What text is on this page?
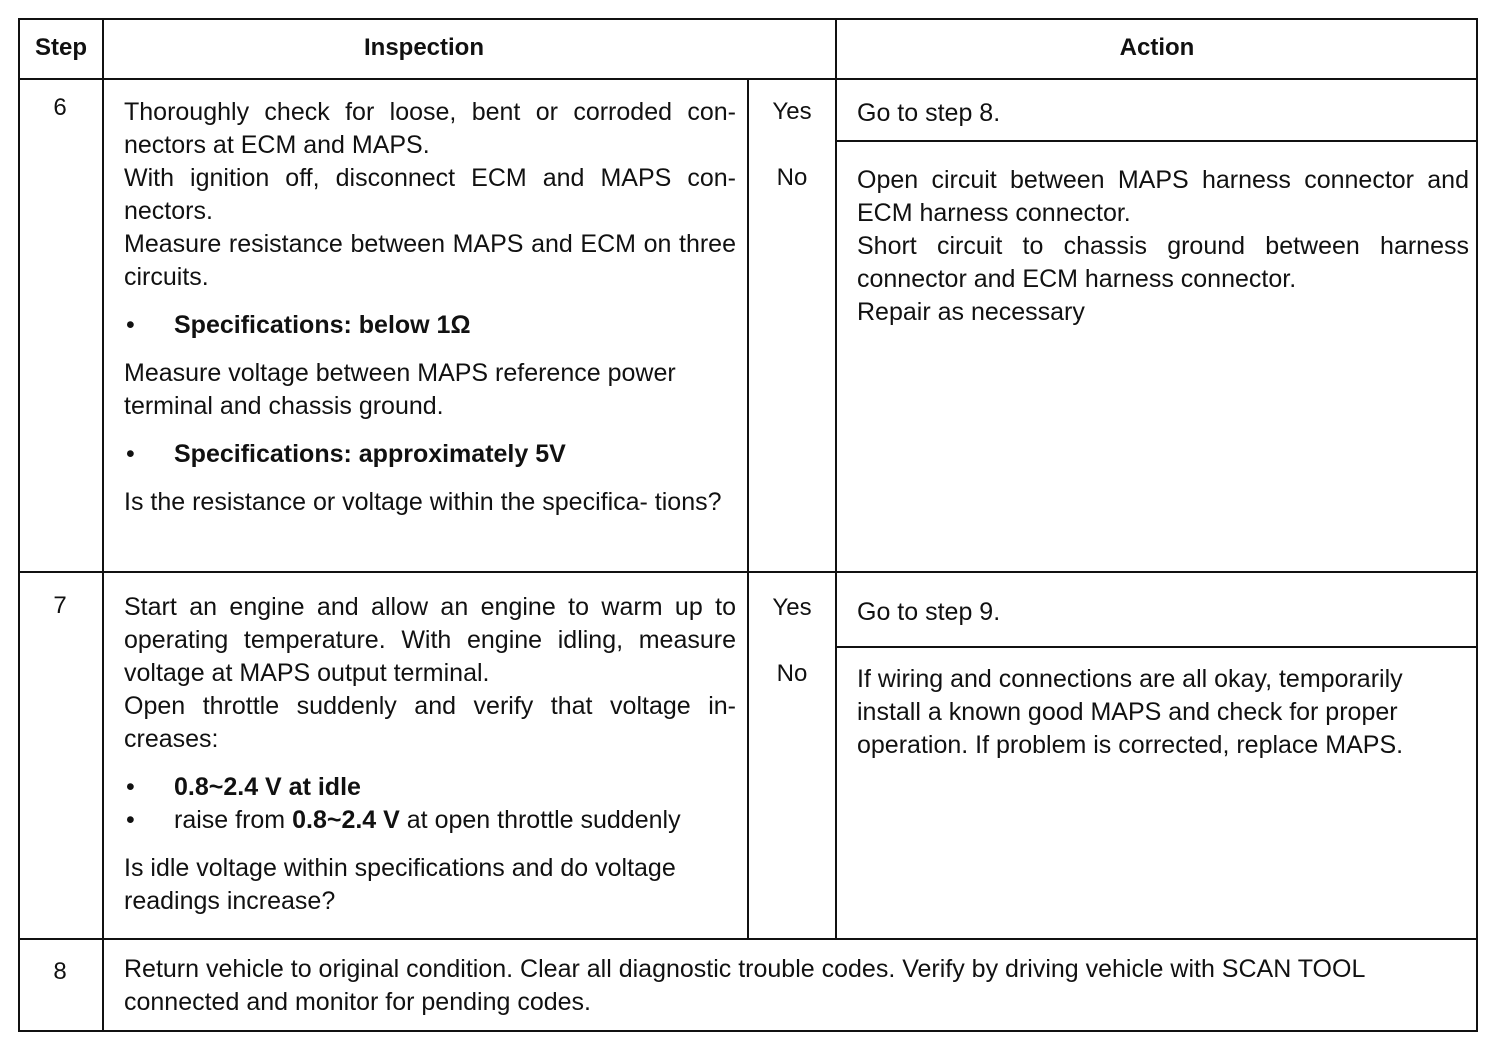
Step	Inspection	Action
6	Thoroughly check for loose, bent or corroded con- nectors at ECM and MAPS.

With ignition off, disconnect ECM and MAPS con- nectors.

Measure resistance between MAPS and ECM on three circuits.

•	Specifications: below 1Ω

Measure voltage between MAPS reference power terminal and chassis ground.

•	Specifications: approximately 5V

Is the resistance or voltage within the specifica- tions?

Yes	Go to step 8.
No	Open circuit between MAPS harness connector and ECM harness connector.

Short circuit to chassis ground between harness connector and ECM harness connector.

Repair as necessary

7	Start an engine and allow an engine to warm up to operating temperature. With engine idling, measure voltage at MAPS output terminal.

Open throttle suddenly and verify that voltage in- creases:

•	0.8~2.4 V at idle

•	raise from 0.8~2.4 V at open throttle suddenly

Is idle voltage within specifications and do voltage readings increase?

Yes	Go to step 9.
No	If wiring and connections are all okay, temporarily install a known good MAPS and check for proper operation. If problem is corrected, replace MAPS.
8	Return vehicle to original condition. Clear all diagnostic trouble codes. Verify by driving vehicle with SCAN TOOL connected and monitor for pending codes.
